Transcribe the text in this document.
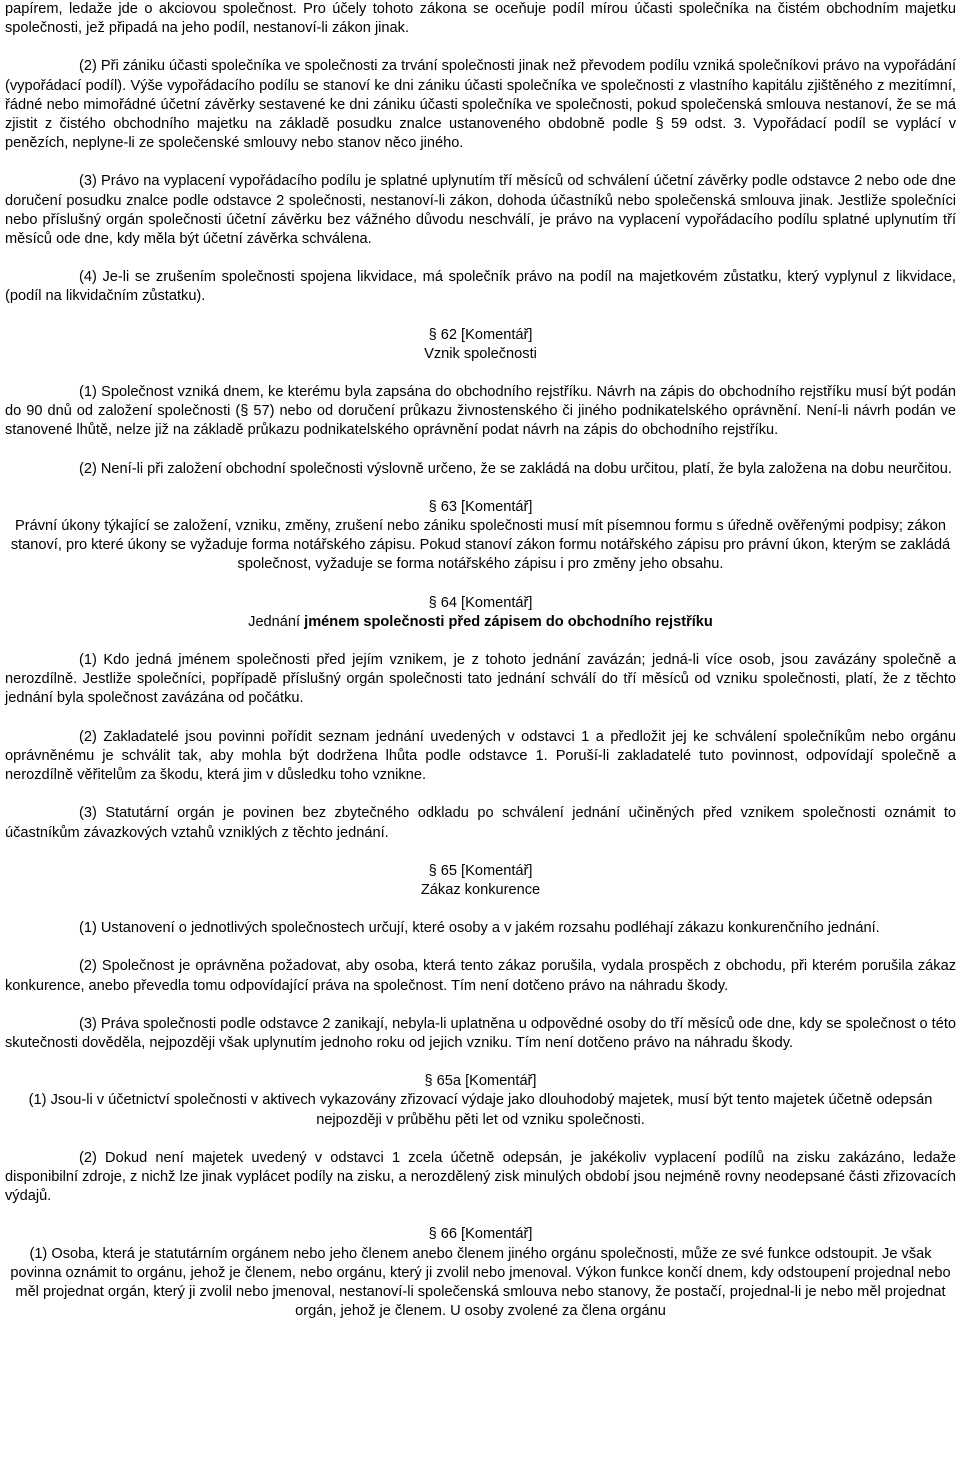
papírem, ledaže jde o akciovou společnost. Pro účely tohoto zákona se oceňuje podíl mírou účasti společníka na čistém obchodním majetku společnosti, jež připadá na jeho podíl, nestanoví-li zákon jinak.

(2) Při zániku účasti společníka ve společnosti za trvání společnosti jinak než převodem podílu vzniká společníkovi právo na vypořádání (vypořádací podíl). Výše vypořádacího podílu se stanoví ke dni zániku účasti společníka ve společnosti z vlastního kapitálu zjištěného z mezitímní, řádné nebo mimořádné účetní závěrky sestavené ke dni zániku účasti společníka ve společnosti, pokud společenská smlouva nestanoví, že se má zjistit z čistého obchodního majetku na základě posudku znalce ustanoveného obdobně podle § 59 odst. 3. Vypořádací podíl se vyplácí v penězích, neplyne-li ze společenské smlouvy nebo stanov něco jiného.

(3) Právo na vyplacení vypořádacího podílu je splatné uplynutím tří měsíců od schválení účetní závěrky podle odstavce 2 nebo ode dne doručení posudku znalce podle odstavce 2 společnosti, nestanoví-li zákon, dohoda účastníků nebo společenská smlouva jinak. Jestliže společníci nebo příslušný orgán společnosti účetní závěrku bez vážného důvodu neschválí, je právo na vyplacení vypořádacího podílu splatné uplynutím tří měsíců ode dne, kdy měla být účetní závěrka schválena.

(4) Je-li se zrušením společnosti spojena likvidace, má společník právo na podíl na majetkovém zůstatku, který vyplynul z likvidace, (podíl na likvidačním zůstatku).

§ 62 [Komentář]

Vznik společnosti

(1) Společnost vzniká dnem, ke kterému byla zapsána do obchodního rejstříku. Návrh na zápis do obchodního rejstříku musí být podán do 90 dnů od založení společnosti (§ 57) nebo od doručení průkazu živnostenského či jiného podnikatelského oprávnění. Není-li návrh podán ve stanovené lhůtě, nelze již na základě průkazu podnikatelského oprávnění podat návrh na zápis do obchodního rejstříku.

(2) Není-li při založení obchodní společnosti výslovně určeno, že se zakládá na dobu určitou, platí, že byla založena na dobu neurčitou.

§ 63 [Komentář]

Právní úkony týkající se založení, vzniku, změny, zrušení nebo zániku společnosti musí mít písemnou formu s úředně ověřenými podpisy; zákon stanoví, pro které úkony se vyžaduje forma notářského zápisu. Pokud stanoví zákon formu notářského zápisu pro právní úkon, kterým se zakládá společnost, vyžaduje se forma notářského zápisu i pro změny jeho obsahu.

§ 64 [Komentář]

Jednání jménem společnosti před zápisem do obchodního rejstříku

(1) Kdo jedná jménem společnosti před jejím vznikem, je z tohoto jednání zavázán; jedná-li více osob, jsou zavázány společně a nerozdílně. Jestliže společníci, popřípadě příslušný orgán společnosti tato jednání schválí do tří měsíců od vzniku společnosti, platí, že z těchto jednání byla společnost zavázána od počátku.

(2) Zakladatelé jsou povinni pořídit seznam jednání uvedených v odstavci 1 a předložit jej ke schválení společníkům nebo orgánu oprávněnému je schválit tak, aby mohla být dodržena lhůta podle odstavce 1. Poruší-li zakladatelé tuto povinnost, odpovídají společně a nerozdílně věřitelům za škodu, která jim v důsledku toho vznikne.

(3) Statutární orgán je povinen bez zbytečného odkladu po schválení jednání učiněných před vznikem společnosti oznámit to účastníkům závazkových vztahů vzniklých z těchto jednání.

§ 65 [Komentář]

Zákaz konkurence

(1) Ustanovení o jednotlivých společnostech určují, které osoby a v jakém rozsahu podléhají zákazu konkurenčního jednání.

(2) Společnost je oprávněna požadovat, aby osoba, která tento zákaz porušila, vydala prospěch z obchodu, při kterém porušila zákaz konkurence, anebo převedla tomu odpovídající práva na společnost. Tím není dotčeno právo na náhradu škody.

(3) Práva společnosti podle odstavce 2 zanikají, nebyla-li uplatněna u odpovědné osoby do tří měsíců ode dne, kdy se společnost o této skutečnosti dověděla, nejpozději však uplynutím jednoho roku od jejich vzniku. Tím není dotčeno právo na náhradu škody.

§ 65a [Komentář]

(1) Jsou-li v účetnictví společnosti v aktivech vykazovány zřizovací výdaje jako dlouhodobý majetek, musí být tento majetek účetně odepsán nejpozději v průběhu pěti let od vzniku společnosti.

(2) Dokud není majetek uvedený v odstavci 1 zcela účetně odepsán, je jakékoliv vyplacení podílů na zisku zakázáno, ledaže disponibilní zdroje, z nichž lze jinak vyplácet podíly na zisku, a nerozdělený zisk minulých období jsou nejméně rovny neodepsané části zřizovacích výdajů.

§ 66 [Komentář]

(1) Osoba, která je statutárním orgánem nebo jeho členem anebo členem jiného orgánu společnosti, může ze své funkce odstoupit. Je však povinna oznámit to orgánu, jehož je členem, nebo orgánu, který ji zvolil nebo jmenoval. Výkon funkce končí dnem, kdy odstoupení projednal nebo měl projednat orgán, který ji zvolil nebo jmenoval, nestanoví-li společenská smlouva nebo stanovy, že postačí, projednal-li je nebo měl projednat orgán, jehož je členem. U osoby zvolené za člena orgánu
